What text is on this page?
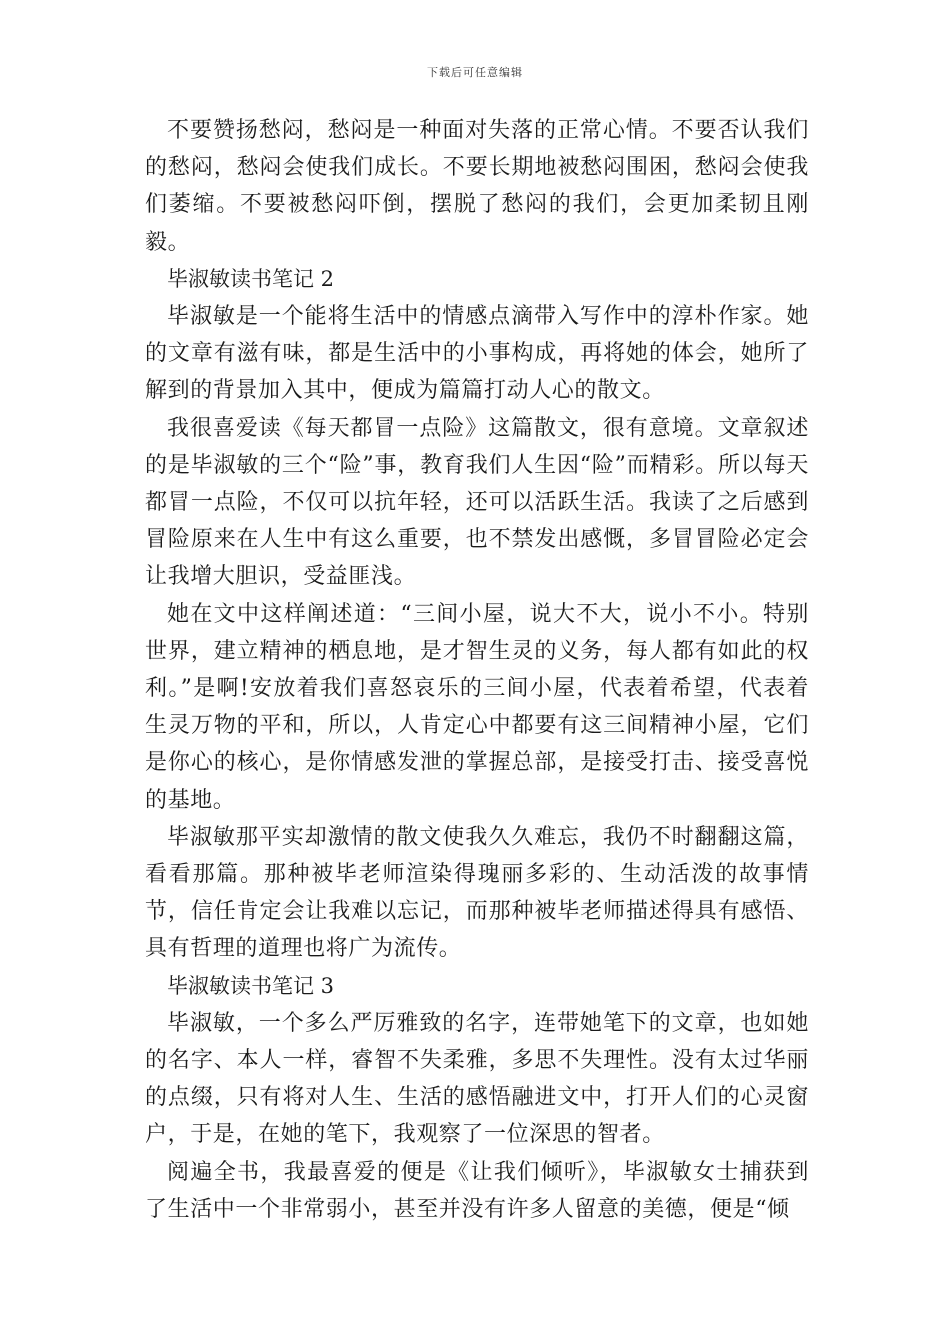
下载后可任意编辑

不要赞扬愁闷，愁闷是一种面对失落的正常心情。不要否认我们的愁闷，愁闷会使我们成长。不要长期地被愁闷围困，愁闷会使我们萎缩。不要被愁闷吓倒，摆脱了愁闷的我们，会更加柔韧且刚毅。

毕淑敏读书笔记 2

毕淑敏是一个能将生活中的情感点滴带入写作中的淳朴作家。她的文章有滋有味，都是生活中的小事构成，再将她的体会，她所了解到的背景加入其中，便成为篇篇打动人心的散文。

我很喜爱读《每天都冒一点险》这篇散文，很有意境。文章叙述的是毕淑敏的三个“险”事，教育我们人生因“险”而精彩。所以每天都冒一点险，不仅可以抗年轻，还可以活跃生活。我读了之后感到冒险原来在人生中有这么重要，也不禁发出感慨，多冒冒险必定会让我增大胆识，受益匪浅。

她在文中这样阐述道：“三间小屋，说大不大，说小不小。特别世界，建立精神的栖息地，是才智生灵的义务，每人都有如此的权利。”是啊!安放着我们喜怒哀乐的三间小屋，代表着希望，代表着生灵万物的平和，所以，人肯定心中都要有这三间精神小屋，它们是你心的核心，是你情感发泄的掌握总部，是接受打击、接受喜悦的基地。

毕淑敏那平实却激情的散文使我久久难忘，我仍不时翻翻这篇，看看那篇。那种被毕老师渲染得瑰丽多彩的、生动活泼的故事情节，信任肯定会让我难以忘记，而那种被毕老师描述得具有感悟、具有哲理的道理也将广为流传。

毕淑敏读书笔记 3

毕淑敏，一个多么严厉雅致的名字，连带她笔下的文章，也如她的名字、本人一样，睿智不失柔雅，多思不失理性。没有太过华丽的点缀，只有将对人生、生活的感悟融进文中，打开人们的心灵窗户，于是，在她的笔下，我观察了一位深思的智者。

阅遍全书，我最喜爱的便是《让我们倾听》，毕淑敏女士捕获到了生活中一个非常弱小，甚至并没有许多人留意的美德，便是“倾
